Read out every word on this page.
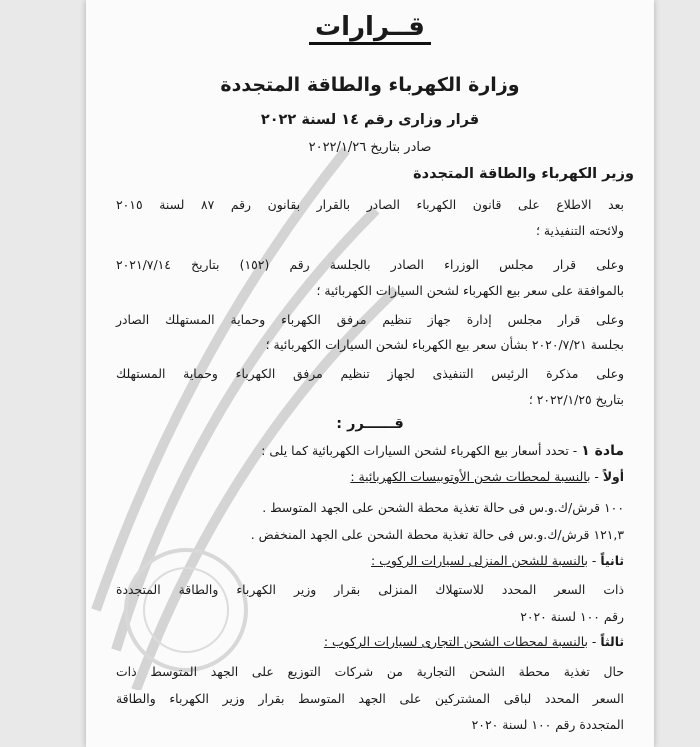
قــرارات
وزارة الكهرباء والطاقة المتجددة
قرار وزارى رقم ١٤ لسنة ٢٠٢٢
صادر بتاريخ ٢٠٢٢/١/٢٦
وزير الكهرباء والطاقة المتجددة
بعد الاطلاع على قانون الكهرباء الصادر بالقرار بقانون رقم ٨٧ لسنة ٢٠١٥
ولائحته التنفيذية ؛
وعلى قرار مجلس الوزراء الصادر بالجلسة رقم (١٥٢) بتاريخ ٢٠٢١/٧/١٤
بالموافقة على سعر بيع الكهرباء لشحن السيارات الكهربائية ؛
وعلى قرار مجلس إدارة جهاز تنظيم مرفق الكهرباء وحماية المستهلك الصادر
بجلسة ٢٠٢٠/٧/٢١ بشأن سعر بيع الكهرباء لشحن السيارات الكهربائية ؛
وعلى مذكرة الرئيس التنفيذى لجهاز تنظيم مرفق الكهرباء وحماية المستهلك
بتاريخ ٢٠٢٢/١/٢٥ ؛
قــــــرر :
مادة ١ - تحدد أسعار بيع الكهرباء لشحن السيارات الكهربائية كما يلى :
أولاً - بالنسبة لمحطات شحن الأوتوبيسات الكهربائية :
١٠٠ قرش/ك.و.س فى حالة تغذية محطة الشحن على الجهد المتوسط .
١٢١,٣ قرش/ك.و.س فى حالة تغذية محطة الشحن على الجهد المنخفض .
ثانياً - بالنسبة للشحن المنزلى لسيارات الركوب :
ذات السعر المحدد للاستهلاك المنزلى بقرار وزير الكهرباء والطاقة المتجددة
رقم ١٠٠ لسنة ٢٠٢٠
ثالثاً - بالنسبة لمحطات الشحن التجارى لسيارات الركوب :
حال تغذية محطة الشحن التجارية من شركات التوزيع على الجهد المتوسط ذات
السعر المحدد لباقى المشتركين على الجهد المتوسط بقرار وزير الكهرباء والطاقة
المتجددة رقم ١٠٠ لسنة ٢٠٢٠
